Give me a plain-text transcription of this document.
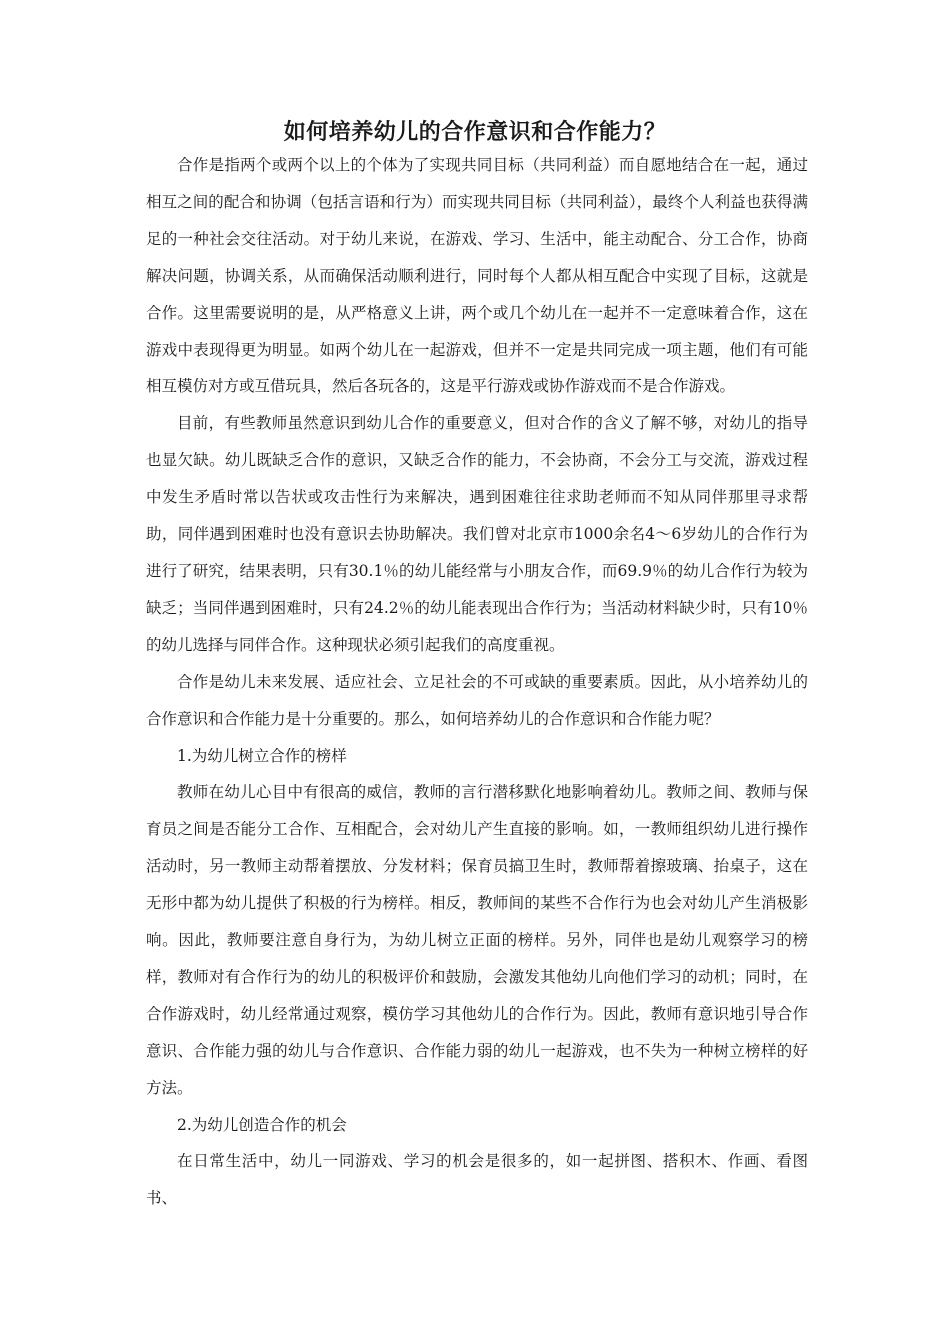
如何培养幼儿的合作意识和合作能力？

合作是指两个或两个以上的个体为了实现共同目标（共同利益）而自愿地结合在一起，通过相互之间的配合和协调（包括言语和行为）而实现共同目标（共同利益），最终个人利益也获得满足的一种社会交往活动。对于幼儿来说，在游戏、学习、生活中，能主动配合、分工合作，协商解决问题，协调关系，从而确保活动顺利进行，同时每个人都从相互配合中实现了目标，这就是合作。这里需要说明的是，从严格意义上讲，两个或几个幼儿在一起并不一定意味着合作，这在游戏中表现得更为明显。如两个幼儿在一起游戏，但并不一定是共同完成一项主题，他们有可能相互模仿对方或互借玩具，然后各玩各的，这是平行游戏或协作游戏而不是合作游戏。

目前，有些教师虽然意识到幼儿合作的重要意义，但对合作的含义了解不够，对幼儿的指导也显欠缺。幼儿既缺乏合作的意识，又缺乏合作的能力，不会协商，不会分工与交流，游戏过程中发生矛盾时常以告状或攻击性行为来解决，遇到困难往往求助老师而不知从同伴那里寻求帮助，同伴遇到困难时也没有意识去协助解决。我们曾对北京市1000余名4～6岁幼儿的合作行为进行了研究，结果表明，只有30.1％的幼儿能经常与小朋友合作，而69.9％的幼儿合作行为较为缺乏；当同伴遇到困难时，只有24.2％的幼儿能表现出合作行为；当活动材料缺少时，只有10％的幼儿选择与同伴合作。这种现状必须引起我们的高度重视。

合作是幼儿未来发展、适应社会、立足社会的不可或缺的重要素质。因此，从小培养幼儿的合作意识和合作能力是十分重要的。那么，如何培养幼儿的合作意识和合作能力呢？

1.为幼儿树立合作的榜样

教师在幼儿心目中有很高的威信，教师的言行潜移默化地影响着幼儿。教师之间、教师与保育员之间是否能分工合作、互相配合，会对幼儿产生直接的影响。如，一教师组织幼儿进行操作活动时，另一教师主动帮着摆放、分发材料；保育员搞卫生时，教师帮着擦玻璃、抬桌子，这在无形中都为幼儿提供了积极的行为榜样。相反，教师间的某些不合作行为也会对幼儿产生消极影响。因此，教师要注意自身行为，为幼儿树立正面的榜样。另外，同伴也是幼儿观察学习的榜样，教师对有合作行为的幼儿的积极评价和鼓励，会激发其他幼儿向他们学习的动机；同时，在合作游戏时，幼儿经常通过观察，模仿学习其他幼儿的合作行为。因此，教师有意识地引导合作意识、合作能力强的幼儿与合作意识、合作能力弱的幼儿一起游戏，也不失为一种树立榜样的好方法。

2.为幼儿创造合作的机会

在日常生活中，幼儿一同游戏、学习的机会是很多的，如一起拼图、搭积木、作画、看图书、
